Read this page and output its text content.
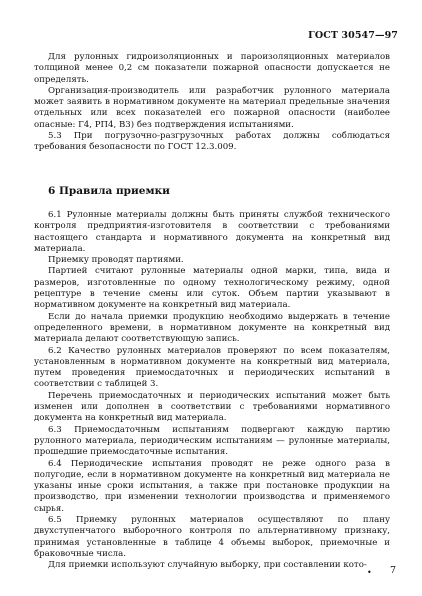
ГОСТ 30547—97

Для рулонных гидроизоляционных и пароизоляционных материалов толщиной менее 0,2 см показатели пожарной опасности допускается не определять.

Организация-производитель или разработчик рулонного материала может заявить в нормативном документе на материал предельные значения отдельных или всех показателей его пожарной опасности (наиболее опасные: Г4, РП4, В3) без подтверждения испытаниями.

5.3 При погрузочно-разгрузочных работах должны соблюдаться требования безопасности по ГОСТ 12.3.009.

6 Правила приемки

6.1 Рулонные материалы должны быть приняты службой технического контроля предприятия-изготовителя в соответствии с требованиями настоящего стандарта и нормативного документа на конкретный вид материала.

Приемку проводят партиями.

Партией считают рулонные материалы одной марки, типа, вида и размеров, изготовленные по одному технологическому режиму, одной рецептуре в течение смены или суток. Объем партии указывают в нормативном документе на конкретный вид материала.

Если до начала приемки продукцию необходимо выдержать в течение определенного времени, в нормативном документе на конкретный вид материала делают соответствующую запись.

6.2 Качество рулонных материалов проверяют по всем показателям, установленным в нормативном документе на конкретный вид материала, путем проведения приемосдаточных и периодических испытаний в соответствии с таблицей 3.

Перечень приемосдаточных и периодических испытаний может быть изменен или дополнен в соответствии с требованиями нормативного документа на конкретный вид материала.

6.3 Приемосдаточным испытаниям подвергают каждую партию рулонного материала, периодическим испытаниям — рулонные материалы, прошедшие приемосдаточные испытания.

6.4 Периодические испытания проводят не реже одного раза в полугодие, если в нормативном документе на конкретный вид материала не указаны иные сроки испытания, а также при постановке продукции на производство, при изменении технологии производства и применяемого сырья.

6.5 Приемку рулонных материалов осуществляют по плану двухступенчатого выборочного контроля по альтернативному признаку, принимая установленные в таблице 4 объемы выборок, приемочные и браковочные числа.

Для приемки используют случайную выборку, при составлении кото-

• 7
